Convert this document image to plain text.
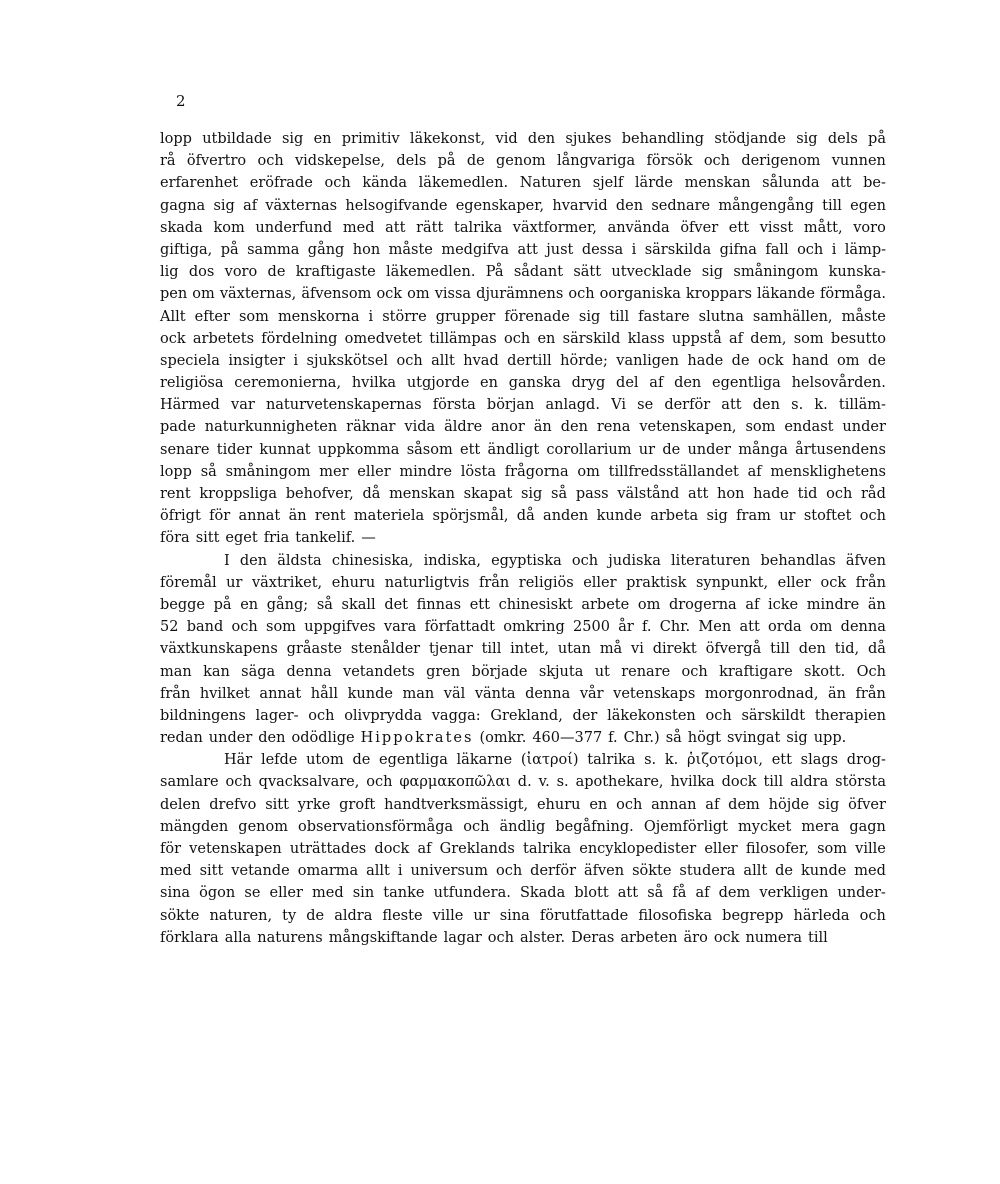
2
lopp utbildade sig en primitiv läkekonst, vid den sjukes behandling stödjande sig dels på
rå öfvertro och vidskepelse, dels på de genom långvariga försök och derigenom vunnen
erfarenhet eröfrade och kända läkemedlen. Naturen sjelf lärde menskan sålunda att be-
gagna sig af växternas helsogifvande egenskaper, hvarvid den sednare mångengång till egen
skada kom underfund med att rätt talrika växtformer, använda öfver ett visst mått, voro
giftiga, på samma gång hon måste medgifva att just dessa i särskilda gifna fall och i lämp-
lig dos voro de kraftigaste läkemedlen. På sådant sätt utvecklade sig småningom kunska-
pen om växternas, äfvensom ock om vissa djurämnens och oorganiska kroppars läkande förmåga.
Allt efter som menskorna i större grupper förenade sig till fastare slutna samhällen, måste
ock arbetets fördelning omedvetet tillämpas och en särskild klass uppstå af dem, som besutto
speciela insigter i sjukskötsel och allt hvad dertill hörde; vanligen hade de ock hand om de
religiösa ceremonierna, hvilka utgjorde en ganska dryg del af den egentliga helsovården.
Härmed var naturvetenskapernas första början anlagd. Vi se derför att den s. k. tilläm-
pade naturkunnigheten räknar vida äldre anor än den rena vetenskapen, som endast under
senare tider kunnat uppkomma såsom ett ändligt corollarium ur de under många årtusendens
lopp så småningom mer eller mindre lösta frågorna om tillfredsställandet af mensklighetens
rent kroppsliga behofver, då menskan skapat sig så pass välstånd att hon hade tid och råd
öfrigt för annat än rent materiela spörjsmål, då anden kunde arbeta sig fram ur stoftet och
föra sitt eget fria tankelif. —
I den äldsta chinesiska, indiska, egyptiska och judiska literaturen behandlas äfven
föremål ur växtriket, ehuru naturligtvis från religiös eller praktisk synpunkt, eller ock från
begge på en gång; så skall det finnas ett chinesiskt arbete om drogerna af icke mindre än
52 band och som uppgifves vara författadt omkring 2500 år f. Chr. Men att orda om denna
växtkunskapens gråaste stenålder tjenar till intet, utan må vi direkt öfvergå till den tid, då
man kan säga denna vetandets gren började skjuta ut renare och kraftigare skott. Och
från hvilket annat håll kunde man väl vänta denna vår vetenskaps morgonrodnad, än från
bildningens lager- och olivprydda vagga: Grekland, der läkekonsten och särskildt therapien
redan under den odödlige Hippokrates (omkr. 460—377 f. Chr.) så högt svingat sig upp.
Här lefde utom de egentliga läkarne (ἰατροί) talrika s. k. ῥιζοτόμοι, ett slags drog-
samlare och qvacksalvare, och φαρμακοπῶλαι d. v. s. apothekare, hvilka dock till aldra största
delen drefvo sitt yrke groft handtverksmässigt, ehuru en och annan af dem höjde sig öfver
mängden genom observationsförmåga och ändlig begåfning. Ojemförligt mycket mera gagn
för vetenskapen uträttades dock af Greklands talrika encyklopedister eller filosofer, som ville
med sitt vetande omarma allt i universum och derför äfven sökte studera allt de kunde med
sina ögon se eller med sin tanke utfundera. Skada blott att så få af dem verkligen under-
sökte naturen, ty de aldra fleste ville ur sina förutfattade filosofiska begrepp härleda och
förklara alla naturens mångskiftande lagar och alster. Deras arbeten äro ock numera till
